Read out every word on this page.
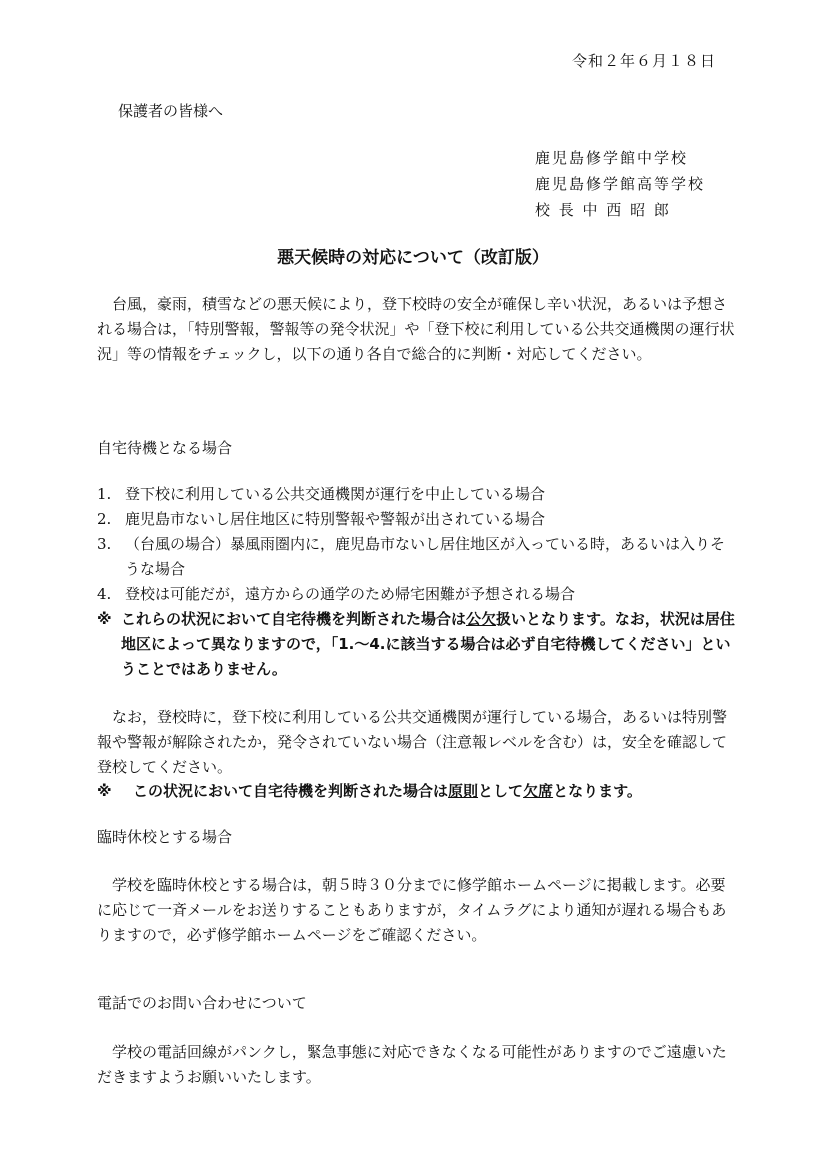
令和２年６月１８日
保護者の皆様へ
鹿児島修学館中学校
鹿児島修学館高等学校
校 長 中 西 昭 郎
悪天候時の対応について（改訂版）

台風，豪雨，積雪などの悪天候により，登下校時の安全が確保し辛い状況，あるいは予想される場合は，「特別警報，警報等の発令状況」や「登下校に利用している公共交通機関の運行状況」等の情報をチェックし，以下の通り各自で総合的に判断・対応してください。

自宅待機となる場合
1. 登下校に利用している公共交通機関が運行を中止している場合
2. 鹿児島市ないし居住地区に特別警報や警報が出されている場合
3. （台風の場合）暴風雨圏内に，鹿児島市ないし居住地区が入っている時，あるいは入りそうな場合
4. 登校は可能だが，遠方からの通学のため帰宅困難が予想される場合
※ これらの状況において自宅待機を判断された場合は公欠扱いとなります。なお，状況は居住地区によって異なりますので，「1.～4.に該当する場合は必ず自宅待機してください」ということではありません。

なお，登校時に，登下校に利用している公共交通機関が運行している場合，あるいは特別警報や警報が解除されたか，発令されていない場合（注意報レベルを含む）は，安全を確認して登校してください。

※	この状況において自宅待機を判断された場合は原則として欠席となります。
臨時休校とする場合

学校を臨時休校とする場合は，朝５時３０分までに修学館ホームページに掲載します。必要に応じて一斉メールをお送りすることもありますが，タイムラグにより通知が遅れる場合もありますので，必ず修学館ホームページをご確認ください。

電話でのお問い合わせについて

学校の電話回線がパンクし，緊急事態に対応できなくなる可能性がありますのでご遠慮いただきますようお願いいたします。
